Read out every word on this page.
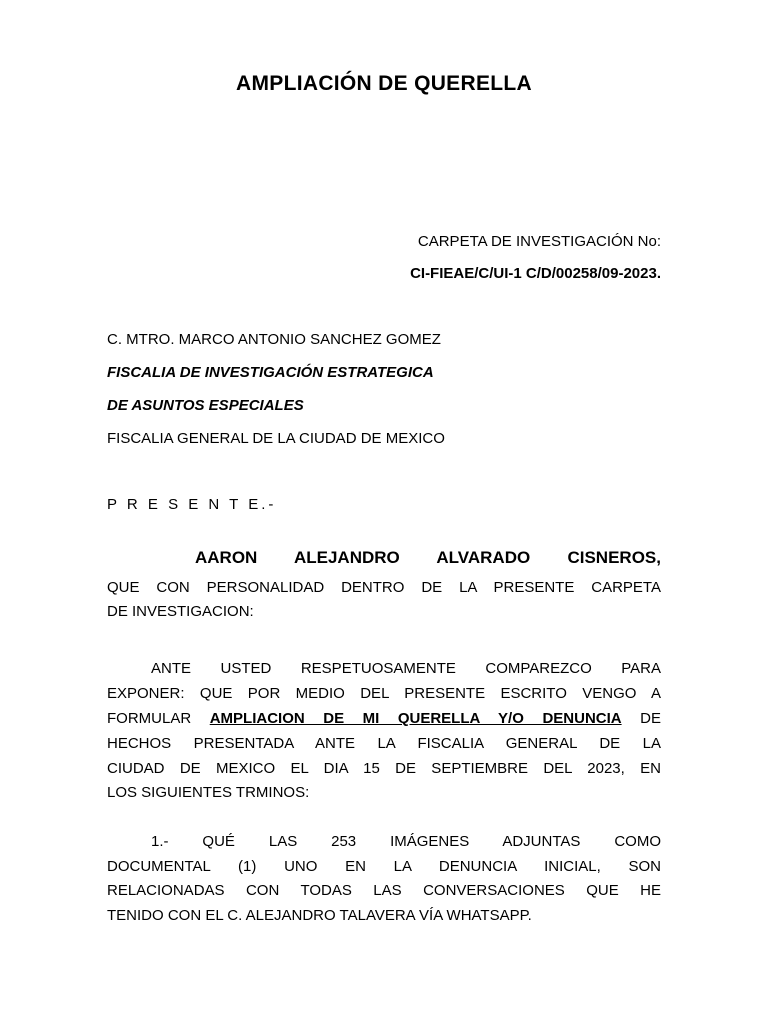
AMPLIACIÓN DE QUERELLA
CARPETA DE INVESTIGACIÓN No:
CI-FIEAE/C/UI-1 C/D/00258/09-2023.
C. MTRO. MARCO ANTONIO SANCHEZ GOMEZ
FISCALIA DE INVESTIGACIÓN ESTRATEGICA
DE ASUNTOS ESPECIALES
FISCALIA GENERAL DE LA CIUDAD DE MEXICO
P R E S E N T E.-
AARON ALEJANDRO ALVARADO CISNEROS,
QUE CON PERSONALIDAD DENTRO DE LA PRESENTE CARPETA
DE INVESTIGACION:
ANTE USTED RESPETUOSAMENTE COMPAREZCO PARA
EXPONER: QUE POR MEDIO DEL PRESENTE ESCRITO VENGO A
FORMULAR AMPLIACION DE MI QUERELLA Y/O DENUNCIA DE
HECHOS PRESENTADA ANTE LA FISCALIA GENERAL DE LA
CIUDAD DE MEXICO EL DIA 15 DE SEPTIEMBRE DEL 2023, EN
LOS SIGUIENTES TRMINOS:
1.- QUÉ LAS 253 IMÁGENES ADJUNTAS COMO
DOCUMENTAL (1) UNO EN LA DENUNCIA INICIAL, SON
RELACIONADAS CON TODAS LAS CONVERSACIONES QUE HE
TENIDO CON EL C. ALEJANDRO TALAVERA VÍA WHATSAPP.
